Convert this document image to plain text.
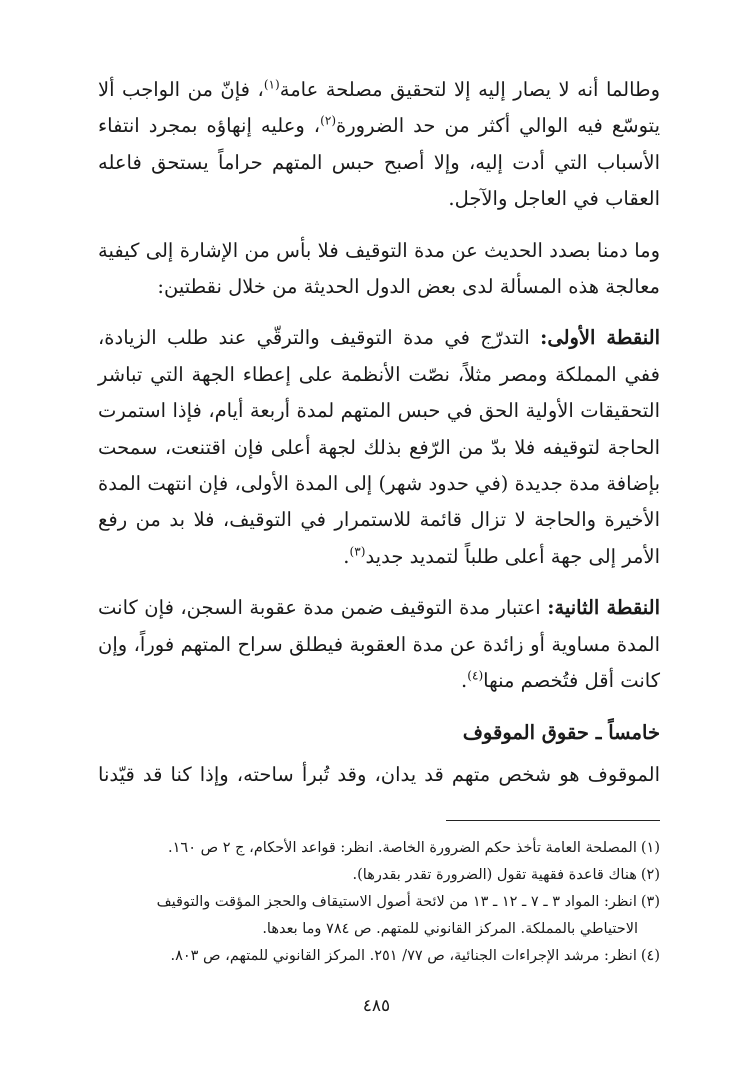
وطالما أنه لا يصار إليه إلا لتحقيق مصلحة عامة$^{(١)}$، فإنّ من الواجب ألا يتوسّع فيه الوالي أكثر من حد الضرورة$^{(٢)}$، وعليه إنهاؤه بمجرد انتفاء الأسباب التي أدت إليه، وإلا أصبح حبس المتهم حراماً يستحق فاعله العقاب في العاجل والآجل.

وما دمنا بصدد الحديث عن مدة التوقيف فلا بأس من الإشارة إلى كيفية معالجة هذه المسألة لدى بعض الدول الحديثة من خلال نقطتين:

النقطة الأولى: التدرّج في مدة التوقيف والترقّي عند طلب الزيادة، ففي المملكة ومصر مثلاً، نصّت الأنظمة على إعطاء الجهة التي تباشر التحقيقات الأولية الحق في حبس المتهم لمدة أربعة أيام، فإذا استمرت الحاجة لتوقيفه فلا بدّ من الرّفع بذلك لجهة أعلى فإن اقتنعت، سمحت بإضافة مدة جديدة (في حدود شهر) إلى المدة الأولى، فإن انتهت المدة الأخيرة والحاجة لا تزال قائمة للاستمرار في التوقيف، فلا بد من رفع الأمر إلى جهة أعلى طلباً لتمديد جديد$^{(٣)}$.

النقطة الثانية: اعتبار مدة التوقيف ضمن مدة عقوبة السجن، فإن كانت المدة مساوية أو زائدة عن مدة العقوبة فيطلق سراح المتهم فوراً، وإن كانت أقل فتُخصم منها$^{(٤)}$.

خامساً ـ حقوق الموقوف

الموقوف هو شخص متهم قد يدان، وقد تُبرأ ساحته، وإذا كنا قد قيّدنا

(١)المصلحة العامة تأخذ حكم الضرورة الخاصة. انظر: قواعد الأحكام، ج ٢ ص ١٦٠.

(٢)هناك قاعدة فقهية تقول (الضرورة تقدر بقدرها).

(٣)انظر: المواد ٣ ـ ٧ ـ ١٢ ـ ١٣ من لائحة أصول الاستيقاف والحجز المؤقت والتوقيف

الاحتياطي بالمملكة. المركز القانوني للمتهم. ص ٧٨٤ وما بعدها.

(٤)انظر: مرشد الإجراءات الجنائية، ص ٧٧/ ٢٥١. المركز القانوني للمتهم، ص ٨٠٣.

٤٨٥
